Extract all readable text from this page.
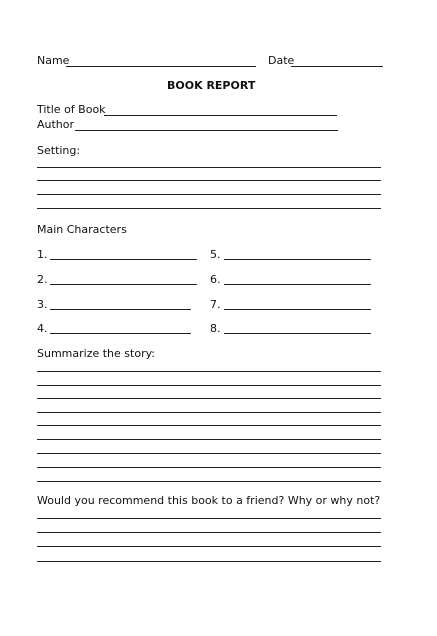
Name	Date
BOOK REPORT
Title of Book
Author
Setting:
Main Characters
1.
2.
3.
4.
5.
6.
7.
8.
Summarize the story:
Would you recommend this book to a friend? Why or why not?
